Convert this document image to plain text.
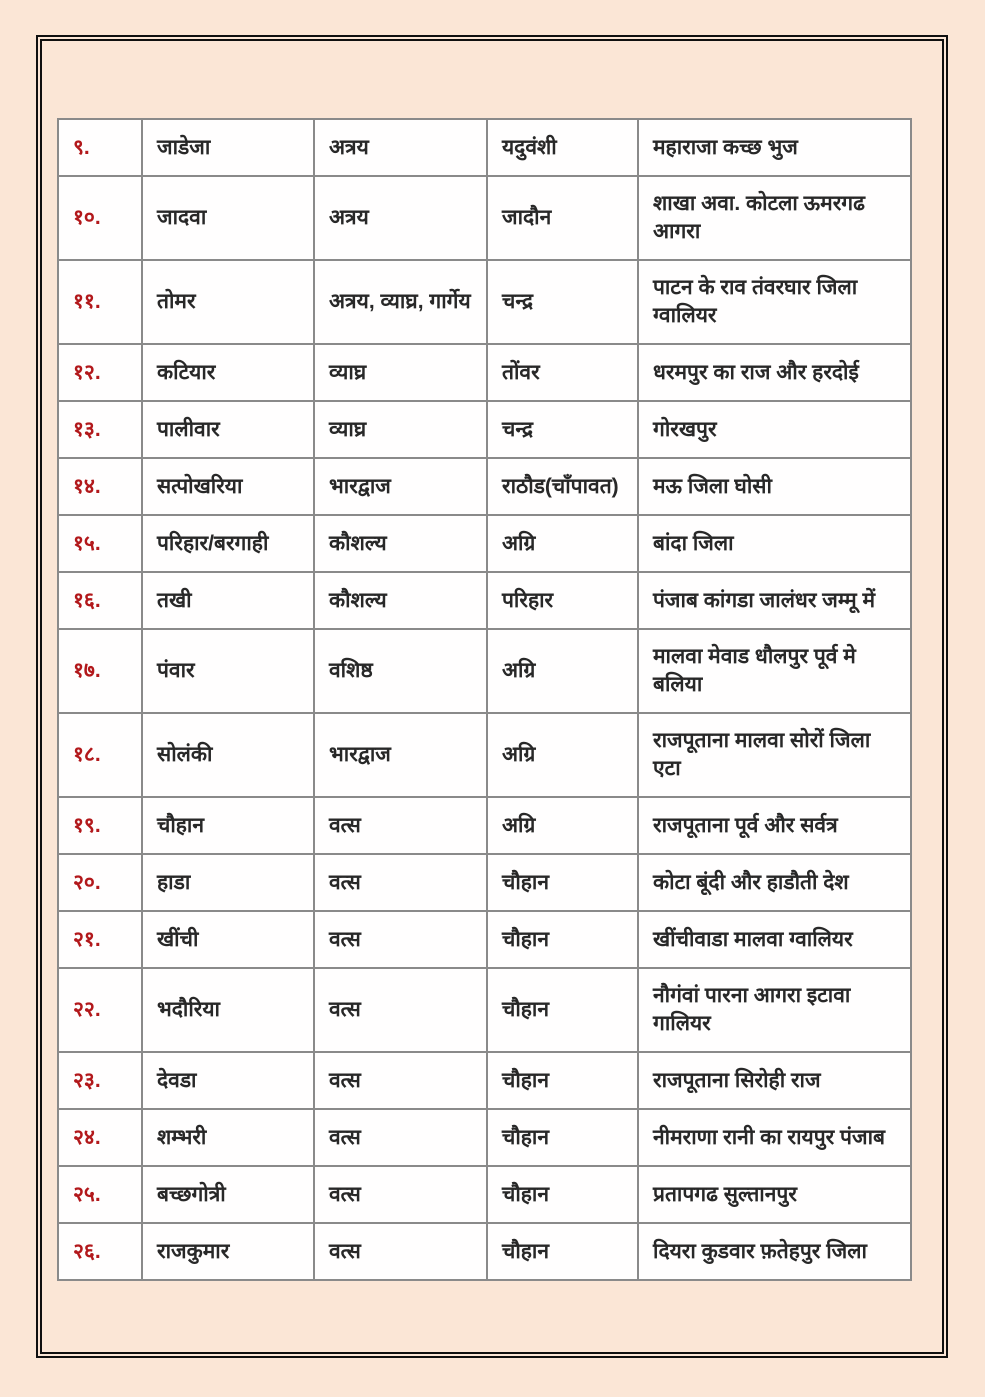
९.	जाडेजा	अत्रय	यदुवंशी	महाराजा कच्छ भुज
१०.	जादवा	अत्रय	जादौन	शाखा अवा. कोटला ऊमरगढ आगरा
११.	तोमर	अत्रय, व्याघ्र, गार्गेय	चन्द्र	पाटन के राव तंवरघार जिला ग्वालियर
१२.	कटियार	व्याघ्र	तोंवर	धरमपुर का राज और हरदोई
१३.	पालीवार	व्याघ्र	चन्द्र	गोरखपुर
१४.	सत्पोखरिया	भारद्वाज	राठौड(चाँपावत)	मऊ जिला घोसी
१५.	परिहार/बरगाही	कौशल्य	अग्रि	बांदा जिला
१६.	तखी	कौशल्य	परिहार	पंजाब कांगडा जालंधर जम्मू में
१७.	पंवार	वशिष्ठ	अग्रि	मालवा मेवाड धौलपुर पूर्व मे बलिया
१८.	सोलंकी	भारद्वाज	अग्रि	राजपूताना मालवा सोरों जिला एटा
१९.	चौहान	वत्स	अग्रि	राजपूताना पूर्व और सर्वत्र
२०.	हाडा	वत्स	चौहान	कोटा बूंदी और हाडौती देश
२१.	खींची	वत्स	चौहान	खींचीवाडा मालवा ग्वालियर
२२.	भदौरिया	वत्स	चौहान	नौगंवां पारना आगरा इटावा गालियर
२३.	देवडा	वत्स	चौहान	राजपूताना सिरोही राज
२४.	शम्भरी	वत्स	चौहान	नीमराणा रानी का रायपुर पंजाब
२५.	बच्छगोत्री	वत्स	चौहान	प्रतापगढ सुल्तानपुर
२६.	राजकुमार	वत्स	चौहान	दियरा कुडवार फ़तेहपुर जिला
